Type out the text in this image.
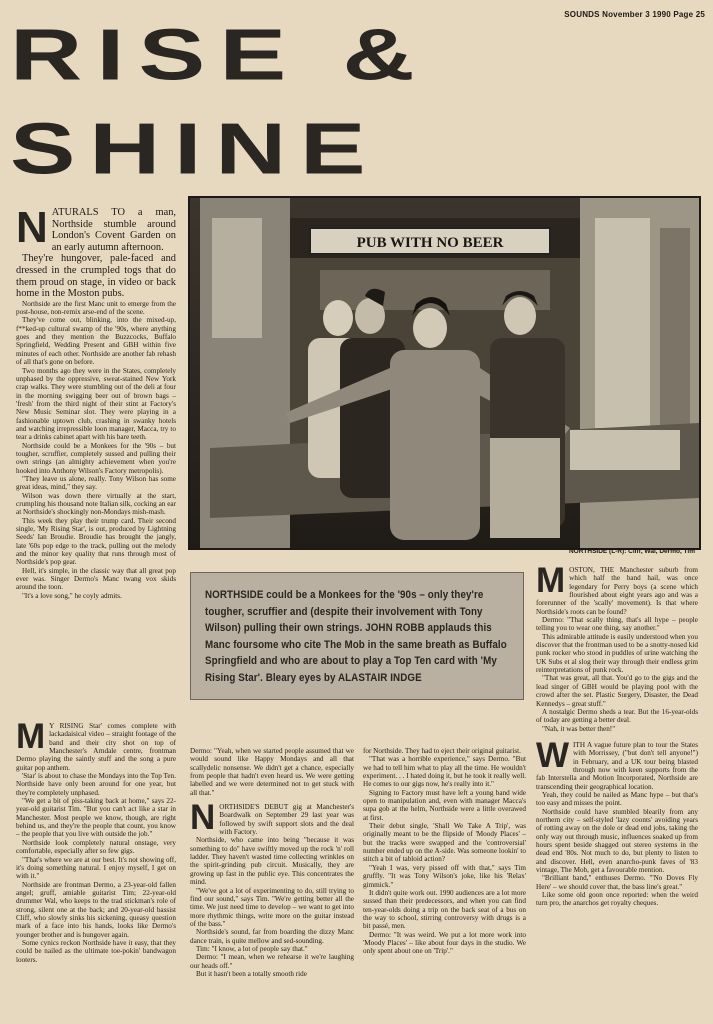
SOUNDS November 3 1990 Page 25
RISE &
SHINE
N ATURALS TO a man, Northside stumble around London's Covent Garden on an early autumn afternoon.

They're hungover, pale-faced and dressed in the crumpled togs that do them proud on stage, in video or back home in the Moston pubs.

Northside are the first Manc unit to emerge from the post-house, non-remix arse-end of the scene.

They've come out, blinking, into the mixed-up, f**ked-up cultural swamp of the '90s, where anything goes and they mention the Buzzcocks, Buffalo Springfield, Wedding Present and GBH within five minutes of each other. Northside are another fab rehash of all that's gone on before.

Two months ago they were in the States, completely unphased by the oppressive, sweat-stained New York crap walks. They were stumbling out of the deli at four in the morning swigging beer out of brown bags – 'fresh' from the third night of their stint at Factory's New Music Seminar slot. They were playing in a fashionable uptown club, crashing in swanky hotels and watching irrepressible loon manager, Macca, try to tear a drinks cabinet apart with his bare teeth.

Northside could be a Monkees for the '90s – but tougher, scruffier, completely sussed and pulling their own strings (an almighty achievement when you're hooked into Anthony Wilson's Factory metropolis).

"They leave us alone, really. Tony Wilson has some great ideas, mind," they say.

Wilson was down there virtually at the start, crumpling his thousand note Italian silk, cocking an ear at Northside's shockingly non-Mondays mish-mash.

This week they play their trump card. Their second single, 'My Rising Star', is out, produced by Lightning Seeds' Ian Broudie. Broudie has brought the jangly, late '60s pop edge to the track, pulling out the melody and the minor key quality that runs through most of Northside's pop gear.

Hell, it's simple, in the classic way that all great pop ever was. Singer Dermo's Manc twang vox skids around the toon.

"It's a love song," he coyly admits.

M Y RISING Star' comes complete with lackadaisical video – straight footage of the band and their city shot on top of Manchester's Arndale centre, frontman Dermo playing the saintly stuff and the song a pure guitar pop anthem.

'Star' is about to chase the Mondays into the Top Ten. Northside have only been around for one year, but they're completely unphased.

"We get a bit of piss-taking back at home," says 22-year-old guitarist Tim. "But you can't act like a star in Manchester. Most people we know, though, are right behind us, and they're the people that count, you know – the people that you live with outside the job."

Northside look completely natural onstage, very comfortable, especially after so few gigs.

"That's where we are at our best. It's not showing off, it's doing something natural. I enjoy myself, I get on with it."

Northside are frontman Dermo, a 23-year-old fallen angel; gruff, amiable guitarist Tim; 22-year-old drummer Wal, who keeps to the trad stickman's role of strong, silent one at the back; and 20-year-old bassist Cliff, who slowly sinks his sickening, queasy question mark of a face into his hands, looks like Dermo's younger brother and is hungover again.

Some cynics reckon Northside have it easy, that they could be nailed as the ultimate toe-pokin' bandwagon looters.

PUB WITH NO BEER
NORTHSIDE (L-R): Cliff, Wal, Dermo, Tim
NORTHSIDE could be a Monkees for the '90s – only they're tougher, scruffier and (despite their involvement with Tony Wilson) pulling their own strings. JOHN ROBB applauds this Manc foursome who cite The Mob in the same breath as Buffalo Springfield and who are about to play a Top Ten card with 'My Rising Star'. Bleary eyes by ALASTAIR INDGE

Dermo: "Yeah, when we started people assumed that we would sound like Happy Mondays and all that scallydelic nonsense. We didn't get a chance, especially from people that hadn't even heard us. We were getting labelled and we were determined not to get stuck with all that."

N ORTHSIDE'S DEBUT gig at Manchester's Boardwalk on September 29 last year was followed by swift support slots and the deal with Factory.

Northside, who came into being "because it was something to do" have swiftly moved up the rock 'n' roll ladder. They haven't wasted time collecting wrinkles on the spirit-grinding pub circuit. Musically, they are growing up fast in the public eye. This concentrates the mind.

"We've got a lot of experimenting to do, still trying to find our sound," says Tim. "We're getting better all the time. We just need time to develop – we want to get into more rhythmic things, write more on the guitar instead of the bass."

Northside's sound, far from boarding the dizzy Manc dance train, is quite mellow and sed-sounding.

Tim: "I know, a lot of people say that."

Dermo: "I mean, when we rehearse it we're laughing our heads off."

But it hasn't been a totally smooth ride

for Northside. They had to eject their original guitarist.

"That was a horrible experience," says Dermo. "But we had to tell him what to play all the time. He wouldn't experiment. . . I hated doing it, but he took it really well. He comes to our gigs now, he's really into it."

Signing to Factory must have left a young band wide open to manipulation and, even with manager Macca's supa gob at the helm, Northside were a little overawed at first.

Their debut single, 'Shall We Take A Trip', was originally meant to be the flipside of 'Moody Places' – but the tracks were swapped and the 'controversial' number ended up on the A-side. Was someone lookin' to stitch a bit of tabloid action?

"Yeah I was, very pissed off with that," says Tim gruffly. "It was Tony Wilson's joke, like his 'Relax' gimmick."

It didn't quite work out. 1990 audiences are a lot more sussed than their predecessors, and when you can find ten-year-olds doing a trip on the back seat of a bus on the way to school, stirring controversy with drugs is a bit passé, men.

Dermo: "It was weird. We put a lot more work into 'Moody Places' – like about four days in the studio. We only spent about one on 'Trip'."

M OSTON, THE Manchester suburb from which half the band hail, was once legendary for Perry boys (a scene which flourished about eight years ago and was a forerunner of the 'scally' movement). Is that where Northside's roots can be found?

Dermo: "That scally thing, that's all hype – people telling you to wear one thing, say another."

This admirable attitude is easily understood when you discover that the frontman used to be a snotty-nosed kid punk rocker who stood in puddles of urine watching the UK Subs et al slog their way through their endless grim reinterpretations of punk rock.

"That was great, all that. You'd go to the gigs and the lead singer of GBH would be playing pool with the crowd after the set. Plastic Surgery, Disaster, the Dead Kennedys – great stuff."

A nostalgic Dermo sheds a tear. But the 16-year-olds of today are getting a better deal.

"Nah, it was better then!"

W ITH A vague future plan to tour the States with Morrissey, ("but don't tell anyone!") in February, and a UK tour being blasted through now with keen supports from the fab Interstella and Motion Incorporated, Northside are transcending their geographical location.

Yeah, they could be nailed as Manc hype – but that's too easy and misses the point.

Northside could have stumbled blearily from any northern city – self-styled 'lazy coonts' avoiding years of rotting away on the dole or dead end jobs, taking the only way out through music, influences soaked up from hours spent beside shagged out stereo systems in the dead end '80s. Not much to do, but plenty to listen to and discover. Hell, even anarcho-punk faves of '83 vintage, The Mob, get a favourable mention.

"Brilliant band," enthuses Dermo. "'No Doves Fly Here' – we should cover that, the bass line's great."

Like some old goon once reported: when the weird turn pro, the anarchos get royalty cheques.
